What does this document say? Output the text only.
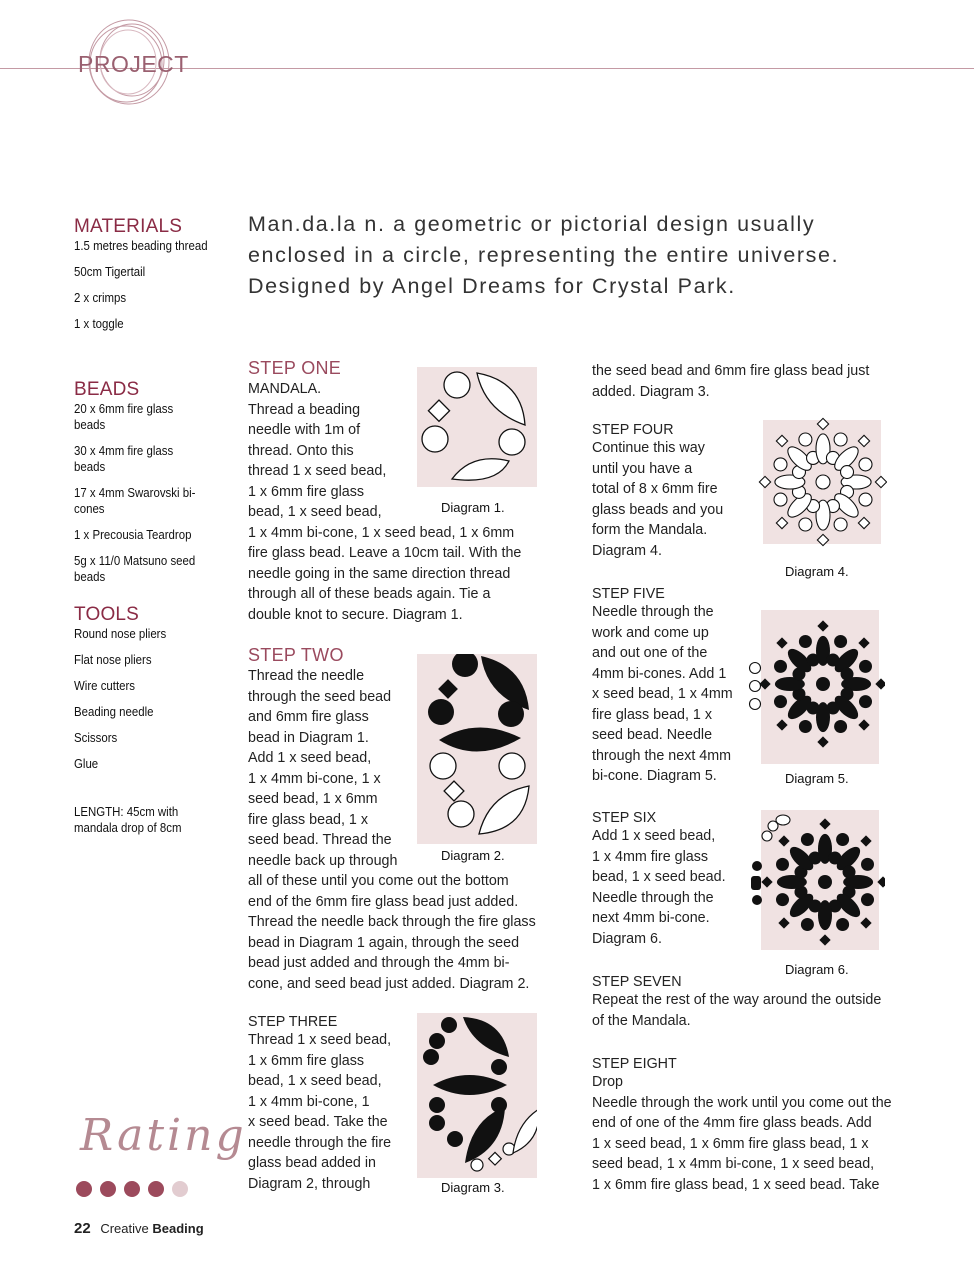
PROJECT
Man.da.la n. a geometric or pictorial design usually
enclosed in a circle, representing the entire universe.
Designed by Angel Dreams for Crystal Park.
MATERIALS
1.5 metres beading thread
50cm Tigertail
2 x crimps
1 x toggle
BEADS
20 x 6mm fire glass beads
30 x 4mm fire glass beads
17 x 4mm Swarovski bi-cones
1 x Precousia Teardrop
5g x 11/0 Matsuno seed beads
TOOLS
Round nose pliers
Flat nose pliers
Wire cutters
Beading needle
Scissors
Glue
LENGTH: 45cm with
mandala drop of 8cm
Rating
22 Creative Beading
STEP ONE
MANDALA.
Thread a beading
needle with 1m of
thread. Onto this
thread 1 x seed bead,
1 x 6mm fire glass
bead, 1 x seed bead,
1 x 4mm bi-cone, 1 x seed bead, 1 x 6mm
fire glass bead. Leave a 10cm tail. With the
needle going in the same direction thread
through all of these beads again. Tie a
double knot to secure. Diagram 1.
Diagram 1.
STEP TWO
Thread the needle
through the seed bead
and 6mm fire glass
bead in Diagram 1.
Add 1 x seed bead,
1 x 4mm bi-cone, 1 x
seed bead, 1 x 6mm
fire glass bead, 1 x
seed bead. Thread the
needle back up through
all of these until you come out the bottom
end of the 6mm fire glass bead just added.
Thread the needle back through the fire glass
bead in Diagram 1 again, through the seed
bead just added and through the 4mm bi-
cone, and seed bead just added. Diagram 2.
Diagram 2.
STEP THREE
Thread 1 x seed bead,
1 x 6mm fire glass
bead, 1 x seed bead,
1 x 4mm bi-cone, 1
x seed bead. Take the
needle through the fire
glass bead added in
Diagram 2, through	Diagram 3.
the seed bead and 6mm fire glass bead just
added. Diagram 3.
STEP FOUR
Continue this way
until you have a
total of 8 x 6mm fire
glass beads and you
form the Mandala.
Diagram 4.
Diagram 4.
STEP FIVE
Needle through the
work and come up
and out one of the
4mm bi-cones. Add 1
x seed bead, 1 x 4mm
fire glass bead, 1 x
seed bead. Needle
through the next 4mm
bi-cone. Diagram 5.	Diagram 5.
STEP SIX
Add 1 x seed bead,
1 x 4mm fire glass
bead, 1 x seed bead.
Needle through the
next 4mm bi-cone.
Diagram 6.
Diagram 6.
STEP SEVEN
Repeat the rest of the way around the outside
of the Mandala.
STEP EIGHT
Drop
Needle through the work until you come out the
end of one of the 4mm fire glass beads. Add
1 x seed bead, 1 x 6mm fire glass bead, 1 x
seed bead, 1 x 4mm bi-cone, 1 x seed bead,
1 x 6mm fire glass bead, 1 x seed bead. Take
